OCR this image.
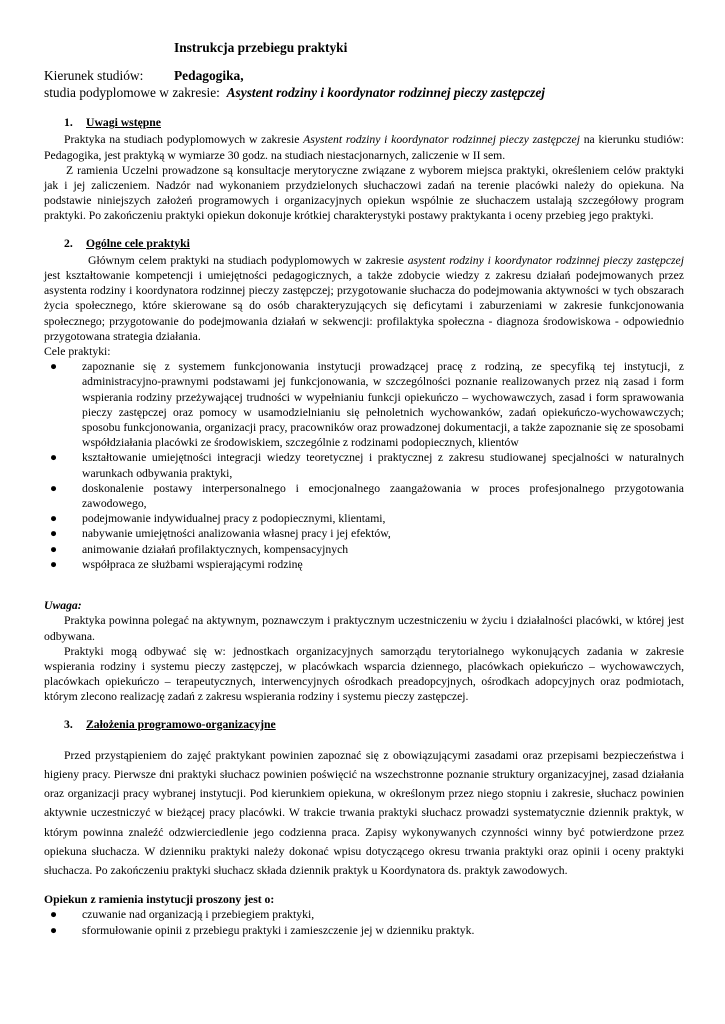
Instrukcja przebiegu praktyki
Kierunek studiów: Pedagogika,
studia podyplomowe w zakresie: Asystent rodziny i koordynator rodzinnej pieczy zastępczej
1. Uwagi wstępne

Praktyka na studiach podyplomowych w zakresie Asystent rodziny i koordynator rodzinnej pieczy zastępczej na kierunku studiów: Pedagogika, jest praktyką w wymiarze 30 godz. na studiach niestacjonarnych, zaliczenie w II sem.

Z ramienia Uczelni prowadzone są konsultacje merytoryczne związane z wyborem miejsca praktyki, określeniem celów praktyki jak i jej zaliczeniem. Nadzór nad wykonaniem przydzielonych słuchaczowi zadań na terenie placówki należy do opiekuna. Na podstawie niniejszych założeń programowych i organizacyjnych opiekun wspólnie ze słuchaczem ustalają szczegółowy program praktyki. Po zakończeniu praktyki opiekun dokonuje krótkiej charakterystyki postawy praktykanta i oceny przebieg jego praktyki.

2. Ogólne cele praktyki

Głównym celem praktyki na studiach podyplomowych w zakresie asystent rodziny i koordynator rodzinnej pieczy zastępczej jest kształtowanie kompetencji i umiejętności pedagogicznych, a także zdobycie wiedzy z zakresu działań podejmowanych przez asystenta rodziny i koordynatora rodzinnej pieczy zastępczej; przygotowanie słuchacza do podejmowania aktywności w tych obszarach życia społecznego, które skierowane są do osób charakteryzujących się deficytami i zaburzeniami w zakresie funkcjonowania społecznego; przygotowanie do podejmowania działań w sekwencji: profilaktyka społeczna - diagnoza środowiskowa - odpowiednio przygotowana strategia działania.

Cele praktyki:

● zapoznanie się z systemem funkcjonowania instytucji prowadzącej pracę z rodziną, ze specyfiką tej instytucji, z administracyjno-prawnymi podstawami jej funkcjonowania, w szczególności poznanie realizowanych przez nią zasad i form wspierania rodziny przeżywającej trudności w wypełnianiu funkcji opiekuńczo – wychowawczych, zasad i form sprawowania pieczy zastępczej oraz pomocy w usamodzielnianiu się pełnoletnich wychowanków, zadań opiekuńczo-wychowawczych; sposobu funkcjonowania, organizacji pracy, pracowników oraz prowadzonej dokumentacji, a także zapoznanie się ze sposobami współdziałania placówki ze środowiskiem, szczególnie z rodzinami podopiecznych, klientów
● kształtowanie umiejętności integracji wiedzy teoretycznej i praktycznej z zakresu studiowanej specjalności w naturalnych warunkach odbywania praktyki,
● doskonalenie postawy interpersonalnego i emocjonalnego zaangażowania w proces profesjonalnego przygotowania zawodowego,
● podejmowanie indywidualnej pracy z podopiecznymi, klientami,
● nabywanie umiejętności analizowania własnej pracy i jej efektów,
● animowanie działań profilaktycznych, kompensacyjnych
● współpraca ze służbami wspierającymi rodzinę

Uwaga:

Praktyka powinna polegać na aktywnym, poznawczym i praktycznym uczestniczeniu w życiu i działalności placówki, w której jest odbywana.

Praktyki mogą odbywać się w: jednostkach organizacyjnych samorządu terytorialnego wykonujących zadania w zakresie wspierania rodziny i systemu pieczy zastępczej, w placówkach wsparcia dziennego, placówkach opiekuńczo – wychowawczych, placówkach opiekuńczo – terapeutycznych, interwencyjnych ośrodkach preadopcyjnych, ośrodkach adopcyjnych oraz podmiotach, którym zlecono realizację zadań z zakresu wspierania rodziny i systemu pieczy zastępczej.

3. Założenia programowo-organizacyjne

Przed przystąpieniem do zajęć praktykant powinien zapoznać się z obowiązującymi zasadami oraz przepisami bezpieczeństwa i higieny pracy. Pierwsze dni praktyki słuchacz powinien poświęcić na wszechstronne poznanie struktury organizacyjnej, zasad działania oraz organizacji pracy wybranej instytucji. Pod kierunkiem opiekuna, w określonym przez niego stopniu i zakresie, słuchacz powinien aktywnie uczestniczyć w bieżącej pracy placówki. W trakcie trwania praktyki słuchacz prowadzi systematycznie dziennik praktyk, w którym powinna znaleźć odzwierciedlenie jego codzienna praca. Zapisy wykonywanych czynności winny być potwierdzone przez opiekuna słuchacza. W dzienniku praktyki należy dokonać wpisu dotyczącego okresu trwania praktyki oraz opinii i oceny praktyki słuchacza. Po zakończeniu praktyki słuchacz składa dziennik praktyk u Koordynatora ds. praktyk zawodowych.

Opiekun z ramienia instytucji proszony jest o:

● czuwanie nad organizacją i przebiegiem praktyki,
● sformułowanie opinii z przebiegu praktyki i zamieszczenie jej w dzienniku praktyk.
